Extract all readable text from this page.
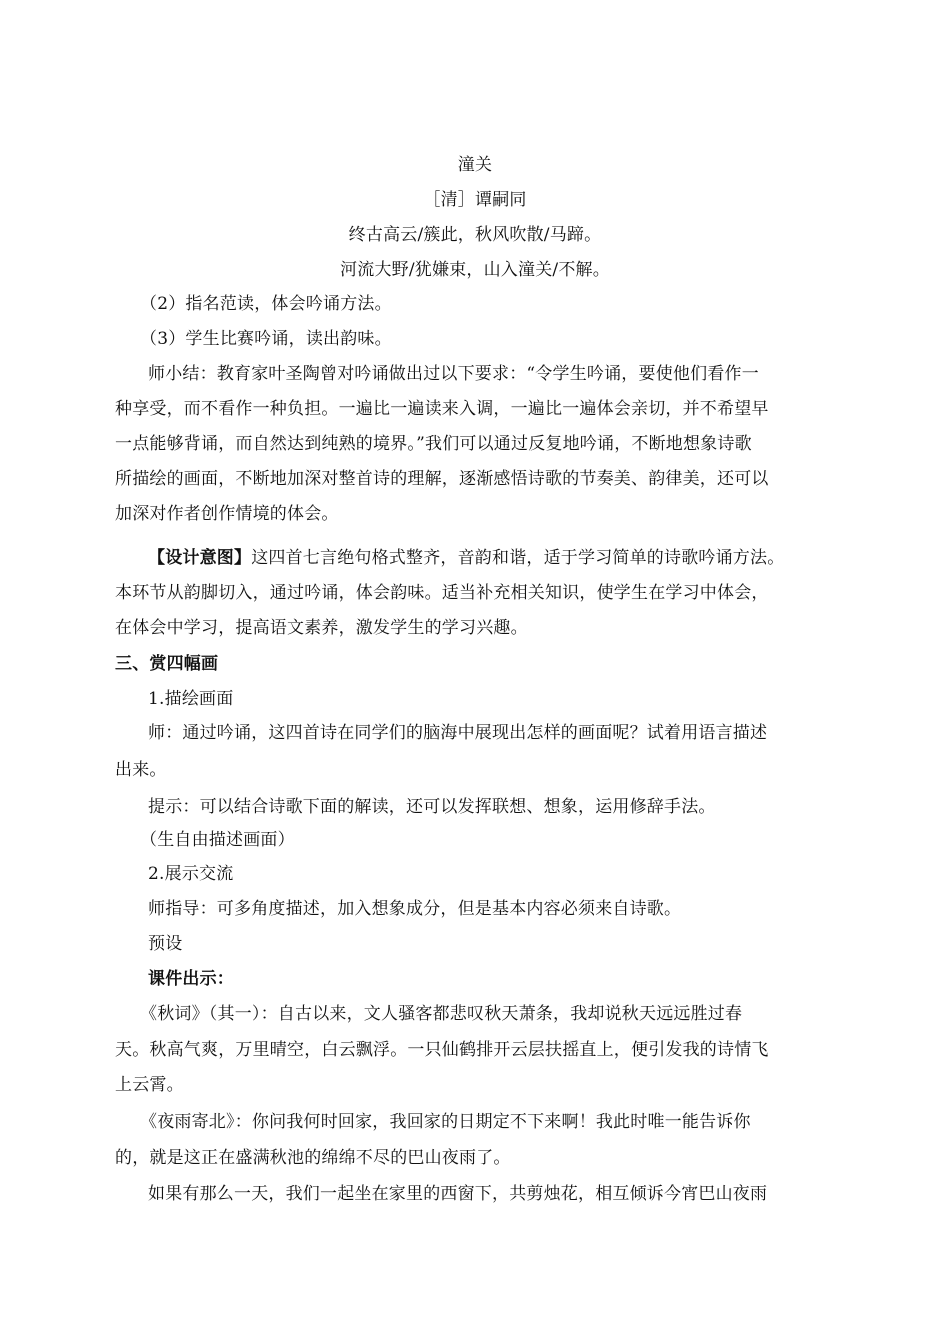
潼关
［清］谭嗣同
终古高云/簇此，秋风吹散/马蹄。
河流大野/犹嫌束，山入潼关/不解。
（2）指名范读，体会吟诵方法。
（3）学生比赛吟诵，读出韵味。
师小结：教育家叶圣陶曾对吟诵做出过以下要求：“令学生吟诵，要使他们看作一
种享受，而不看作一种负担。一遍比一遍读来入调，一遍比一遍体会亲切，并不希望早
一点能够背诵，而自然达到纯熟的境界。”我们可以通过反复地吟诵，不断地想象诗歌
所描绘的画面，不断地加深对整首诗的理解，逐渐感悟诗歌的节奏美、韵律美，还可以
加深对作者创作情境的体会。
【设计意图】这四首七言绝句格式整齐，音韵和谐，适于学习简单的诗歌吟诵方法。
本环节从韵脚切入，通过吟诵，体会韵味。适当补充相关知识，使学生在学习中体会，
在体会中学习，提高语文素养，激发学生的学习兴趣。
三、赏四幅画
1.描绘画面
师：通过吟诵，这四首诗在同学们的脑海中展现出怎样的画面呢？试着用语言描述
出来。
提示：可以结合诗歌下面的解读，还可以发挥联想、想象，运用修辞手法。
（生自由描述画面）
2.展示交流
师指导：可多角度描述，加入想象成分，但是基本内容必须来自诗歌。
预设
课件出示：
《秋词》（其一）：自古以来，文人骚客都悲叹秋天萧条，我却说秋天远远胜过春
天。秋高气爽，万里晴空，白云飘浮。一只仙鹤排开云层扶摇直上，便引发我的诗情飞
上云霄。
《夜雨寄北》：你问我何时回家，我回家的日期定不下来啊！我此时唯一能告诉你
的，就是这正在盛满秋池的绵绵不尽的巴山夜雨了。
如果有那么一天，我们一起坐在家里的西窗下，共剪烛花，相互倾诉今宵巴山夜雨
